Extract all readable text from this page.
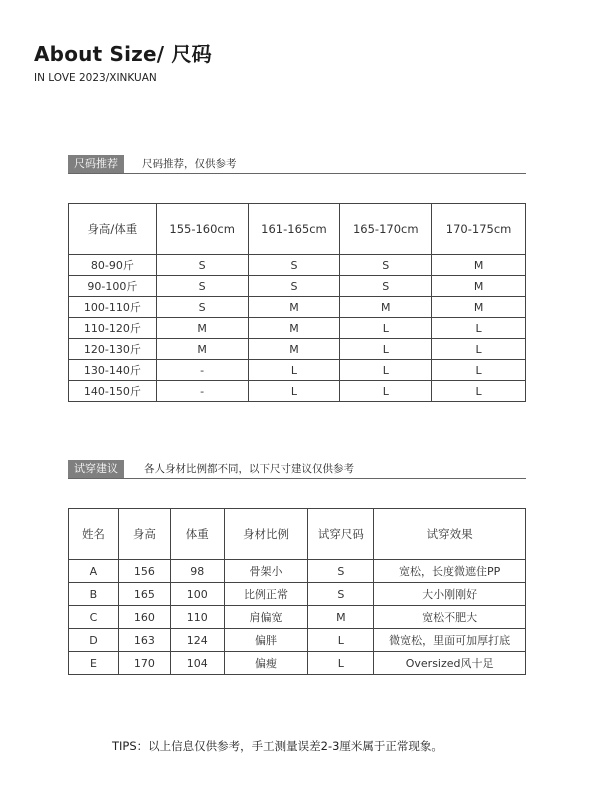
About Size/ 尺码
IN LOVE 2023/XINKUAN
尺码推荐	尺码推荐，仅供参考
身高/体重	155-160cm	161-165cm	165-170cm	170-175cm
80-90斤	S	S	S	M
90-100斤	S	S	S	M
100-110斤	S	M	M	M
110-120斤	M	M	L	L
120-130斤	M	M	L	L
130-140斤	-	L	L	L
140-150斤	-	L	L	L
试穿建议	各人身材比例都不同，以下尺寸建议仅供参考
姓名	身高	体重	身材比例	试穿尺码	试穿效果
A	156	98	骨架小	S	宽松，长度微遮住PP
B	165	100	比例正常	S	大小刚刚好
C	160	110	肩偏宽	M	宽松不肥大
D	163	124	偏胖	L	微宽松，里面可加厚打底
E	170	104	偏瘦	L	Oversized风十足
TIPS：以上信息仅供参考，手工测量误差2-3厘米属于正常现象。
